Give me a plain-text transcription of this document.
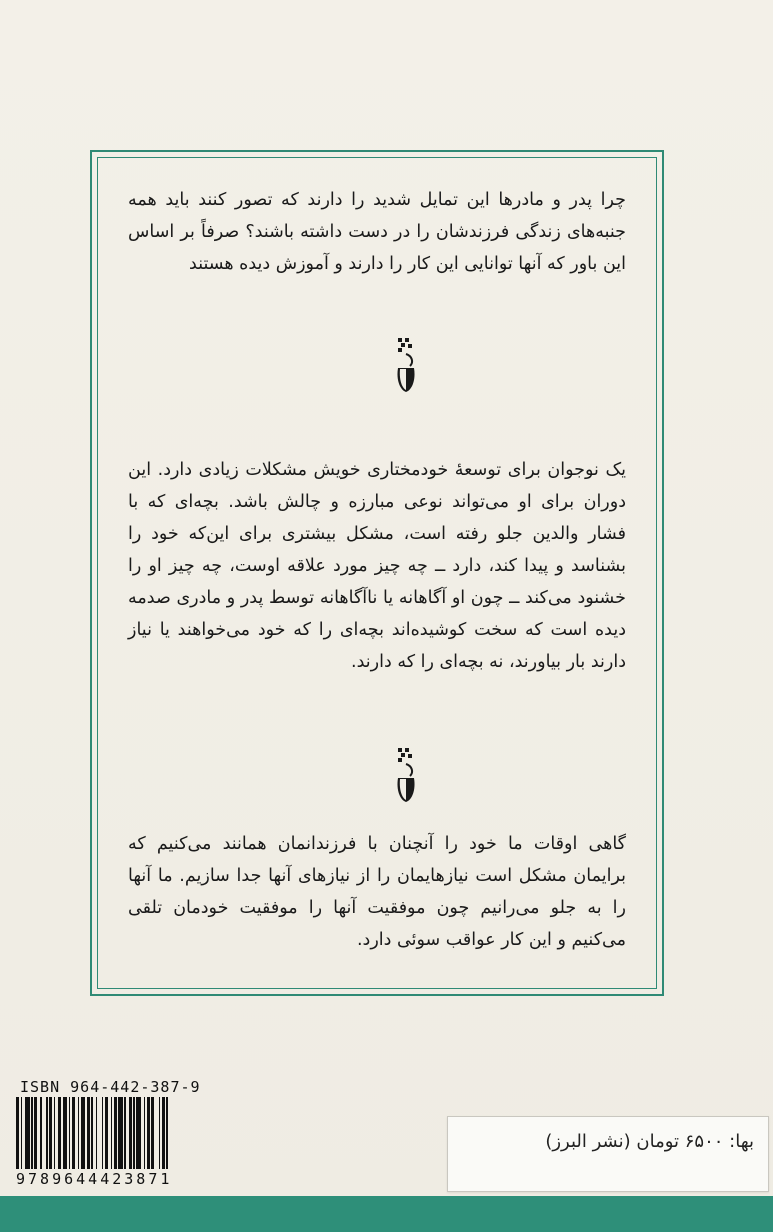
چرا پدر و مادرها این تمایل شدید را دارند که تصور کنند باید همه جنبه‌های زندگی فرزندشان را در دست داشته باشند؟ صرفاً بر اساس این باور که آنها توانایی این کار را دارند و آموزش دیده هستند

یک نوجوان برای توسعهٔ خودمختاری خویش مشکلات زیادی دارد. این دوران برای او می‌تواند نوعی مبارزه و چالش باشد. بچه‌ای که با فشار والدین جلو رفته است، مشکل بیشتری برای این‌که خود را بشناسد و پیدا کند، دارد ــ چه چیز مورد علاقه اوست، چه چیز او را خشنود می‌کند ــ چون او آگاهانه یا ناآگاهانه توسط پدر و مادری صدمه دیده است که سخت کوشیده‌اند بچه‌ای را که خود می‌خواهند یا نیاز دارند بار بیاورند، نه بچه‌ای را که دارند.

گاهی اوقات ما خود را آنچنان با فرزندانمان همانند می‌کنیم که برایمان مشکل است نیازهایمان را از نیازهای آنها جدا سازیم. ما آنها را به جلو می‌رانیم چون موفقیت آنها را موفقیت خودمان تلقی می‌کنیم و این کار عواقب سوئی دارد.

ISBN 964-442-387-9
9789644423871
بها: ۶۵۰۰ تومان (نشر البرز)
